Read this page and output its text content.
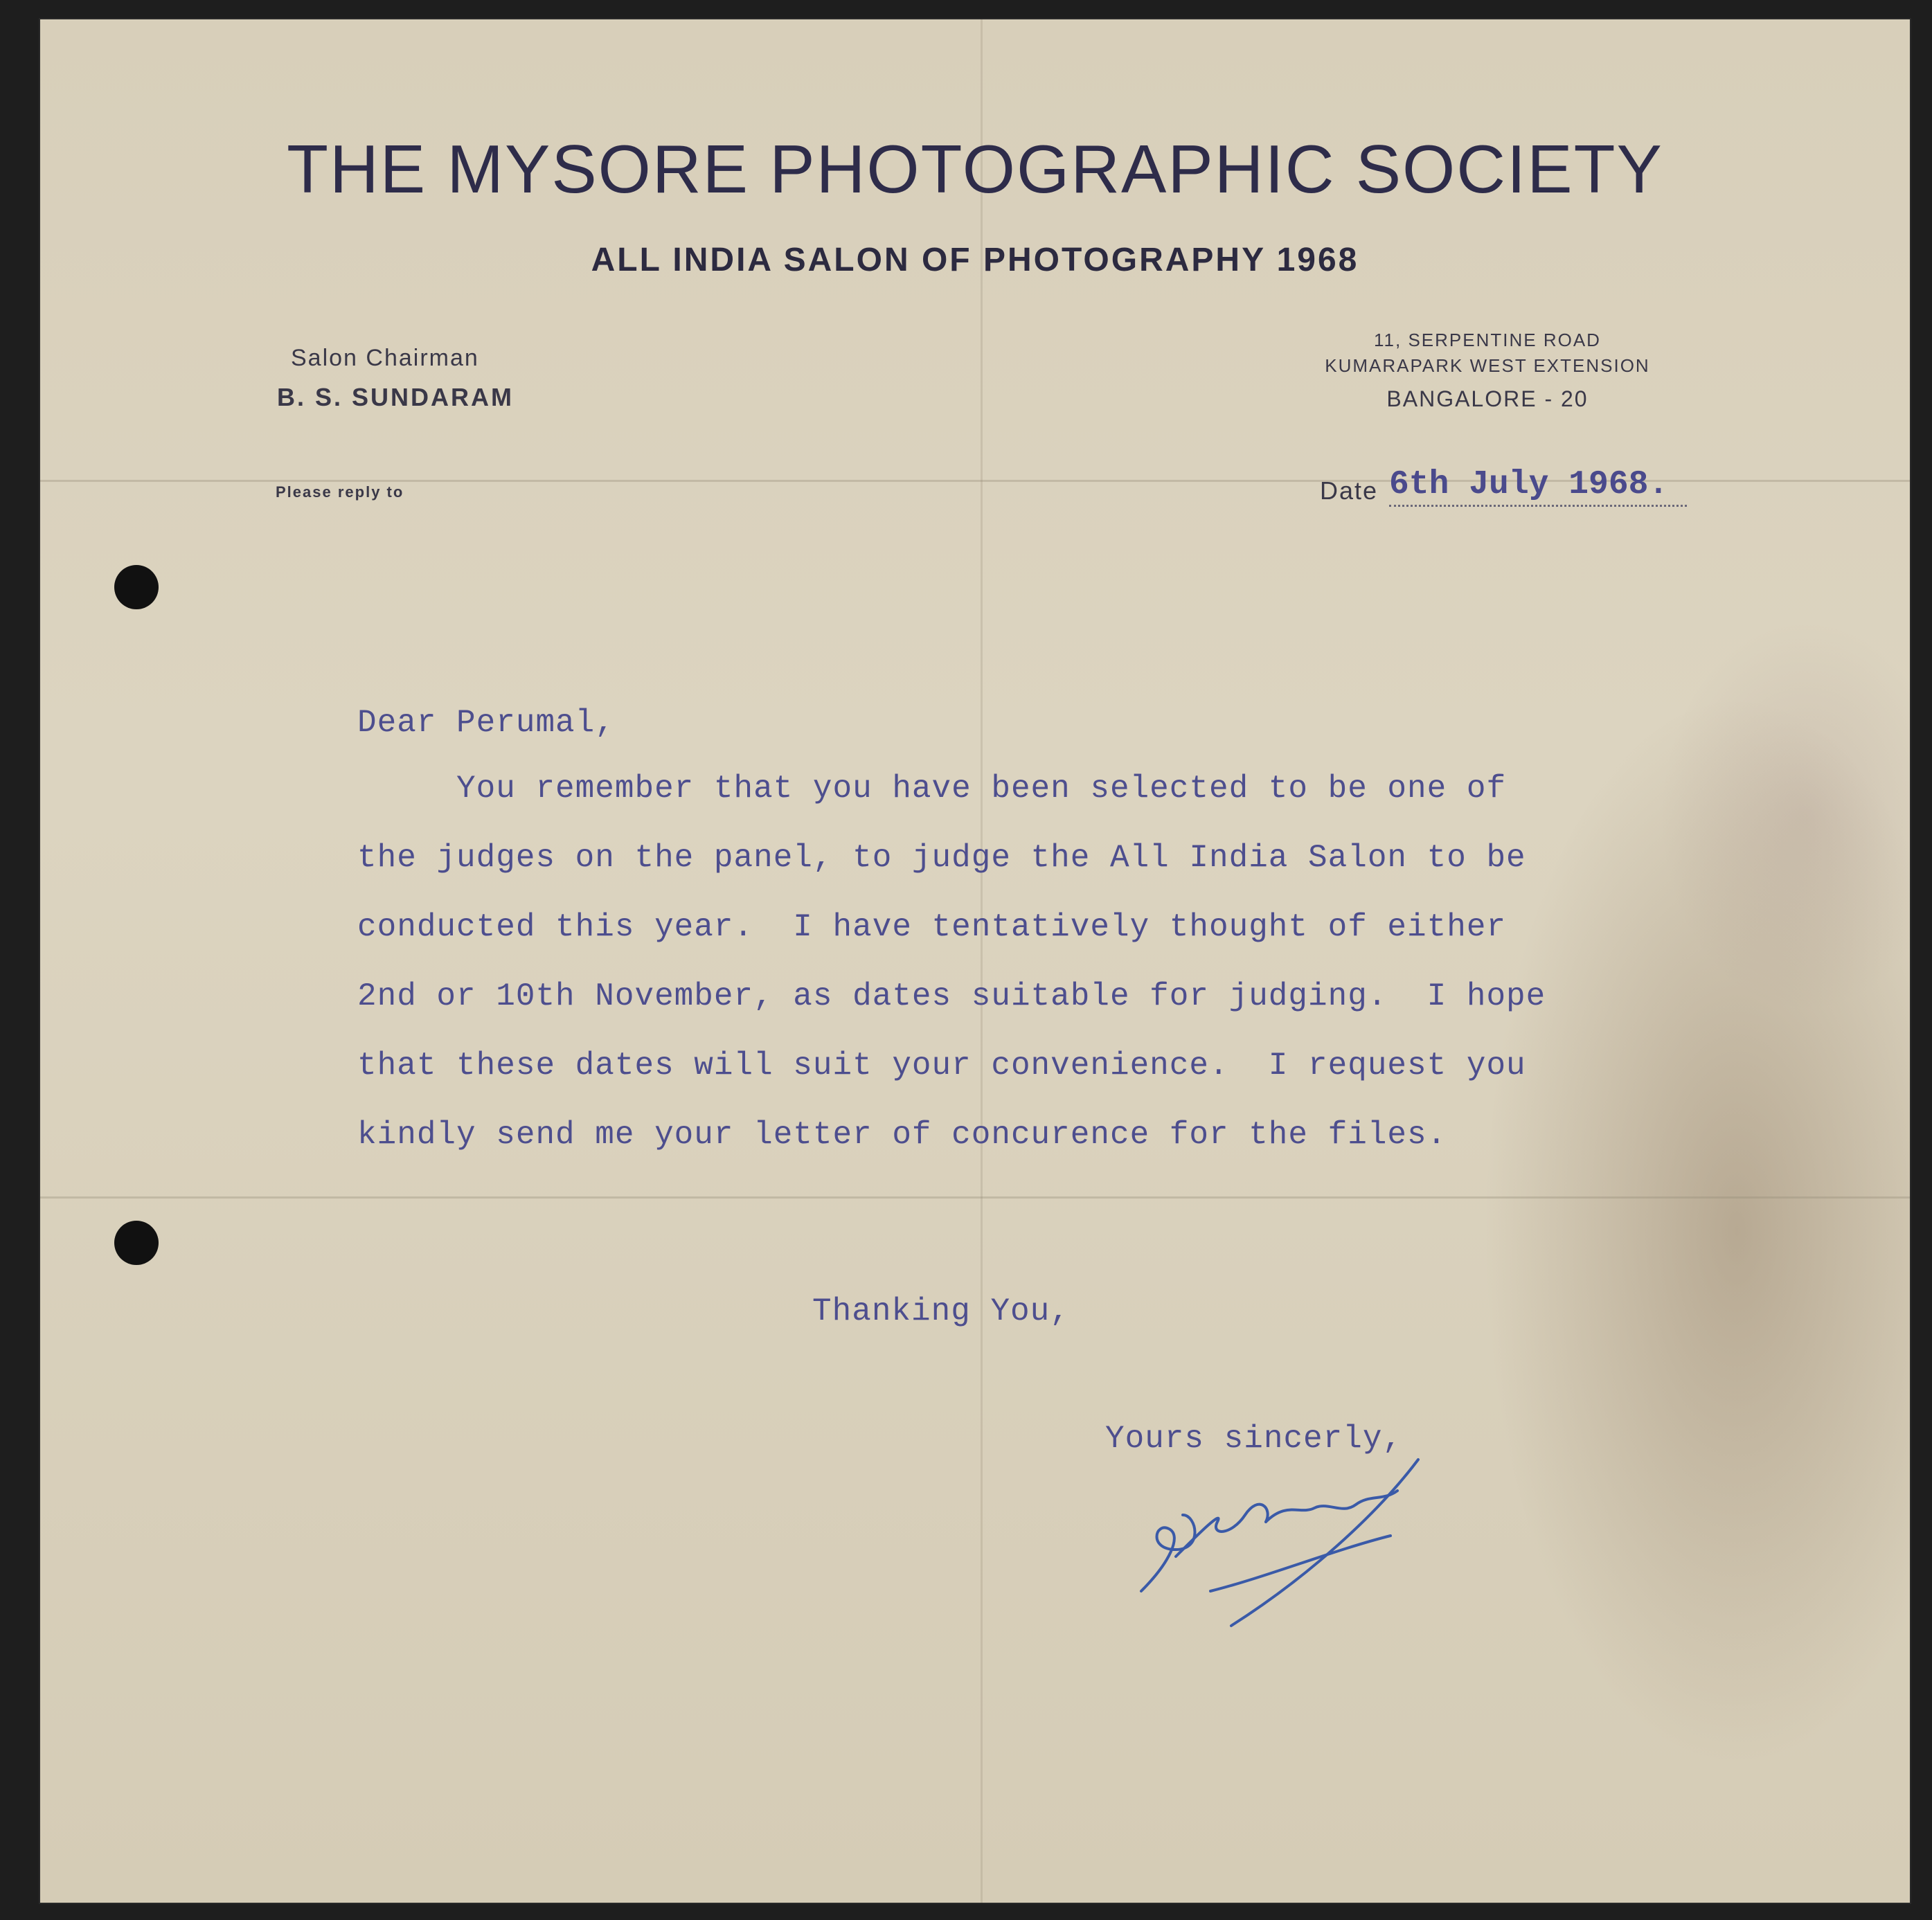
THE MYSORE PHOTOGRAPHIC SOCIETY
ALL INDIA SALON OF PHOTOGRAPHY 1968
Salon Chairman
B. S. SUNDARAM
11, SERPENTINE ROAD
KUMARAPARK WEST EXTENSION
BANGALORE - 20
Please reply to	Date 6th July 1968.
Dear Perumal,
You remember that you have been selected to be one of
the judges on the panel, to judge the All India Salon to be
conducted this year.  I have tentatively thought of either
2nd or 10th November, as dates suitable for judging.  I hope
that these dates will suit your convenience.  I request you
kindly send me your letter of concurence for the files.
Thanking You,
Yours sincerly,
